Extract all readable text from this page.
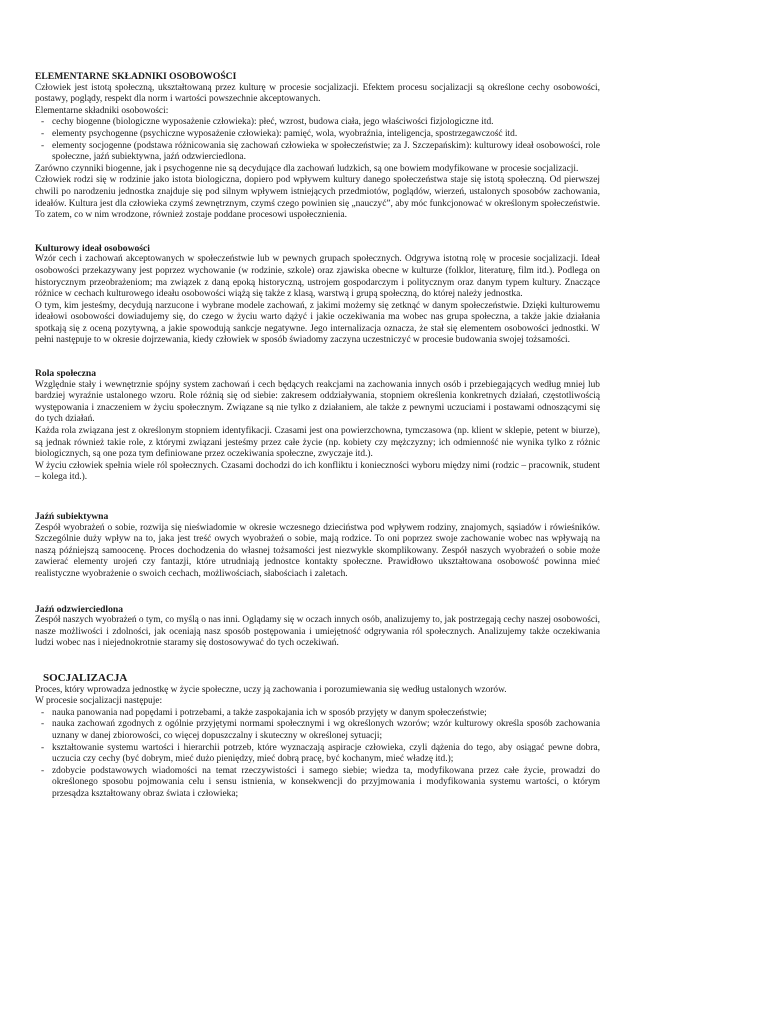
ELEMENTARNE SKŁADNIKI OSOBOWOŚCI

Człowiek jest istotą społeczną, ukształtowaną przez kulturę w procesie socjalizacji. Efektem procesu socjalizacji są określone cechy osobowości, postawy, poglądy, respekt dla norm i wartości powszechnie akceptowanych.

Elementarne składniki osobowości:

- cechy biogenne (biologiczne wyposażenie człowieka): płeć, wzrost, budowa ciała, jego właściwości fizjologiczne itd.
- elementy psychogenne (psychiczne wyposażenie człowieka): pamięć, wola, wyobraźnia, inteligencja, spostrzegawczość itd.
- elementy socjogenne (podstawa różnicowania się zachowań człowieka w społeczeństwie; za J. Szczepańskim): kulturowy ideał osobowości, role społeczne, jaźń subiektywna, jaźń odzwierciedlona.

Zarówno czynniki biogenne, jak i psychogenne nie są decydujące dla zachowań ludzkich, są one bowiem modyfikowane w procesie socjalizacji.

Człowiek rodzi się w rodzinie jako istota biologiczna, dopiero pod wpływem kultury danego społeczeństwa staje się istotą społeczną. Od pierwszej chwili po narodzeniu jednostka znajduje się pod silnym wpływem istniejących przedmiotów, poglądów, wierzeń, ustalonych sposobów zachowania, ideałów. Kultura jest dla człowieka czymś zewnętrznym, czymś czego powinien się „nauczyć”, aby móc funkcjonować w określonym społeczeństwie. To zatem, co w nim wrodzone, również zostaje poddane procesowi uspołecznienia.

Kulturowy ideał osobowości

Wzór cech i zachowań akceptowanych w społeczeństwie lub w pewnych grupach społecznych. Odgrywa istotną rolę w procesie socjalizacji. Ideał osobowości przekazywany jest poprzez wychowanie (w rodzinie, szkole) oraz zjawiska obecne w kulturze (folklor, literaturę, film itd.). Podlega on historycznym przeobrażeniom; ma związek z daną epoką historyczną, ustrojem gospodarczym i politycznym oraz danym typem kultury. Znaczące różnice w cechach kulturowego ideału osobowości wiążą się także z klasą, warstwą i grupą społeczną, do której należy jednostka.

O tym, kim jesteśmy, decydują narzucone i wybrane modele zachowań, z jakimi możemy się zetknąć w danym społeczeństwie. Dzięki kulturowemu ideałowi osobowości dowiadujemy się, do czego w życiu warto dążyć i jakie oczekiwania ma wobec nas grupa społeczna, a także jakie działania spotkają się z oceną pozytywną, a jakie spowodują sankcje negatywne. Jego internalizacja oznacza, że stał się elementem osobowości jednostki. W pełni następuje to w okresie dojrzewania, kiedy człowiek w sposób świadomy zaczyna uczestniczyć w procesie budowania swojej tożsamości.

Rola społeczna

Względnie stały i wewnętrznie spójny system zachowań i cech będących reakcjami na zachowania innych osób i przebiegających według mniej lub bardziej wyraźnie ustalonego wzoru. Role różnią się od siebie: zakresem oddziaływania, stopniem określenia konkretnych działań, częstotliwością występowania i znaczeniem w życiu społecznym. Związane są nie tylko z działaniem, ale także z pewnymi uczuciami i postawami odnoszącymi się do tych działań.

Każda rola związana jest z określonym stopniem identyfikacji. Czasami jest ona powierzchowna, tymczasowa (np. klient w sklepie, petent w biurze), są jednak również takie role, z którymi związani jesteśmy przez całe życie (np. kobiety czy mężczyzny; ich odmienność nie wynika tylko z różnic biologicznych, są one poza tym definiowane przez oczekiwania społeczne, zwyczaje itd.).

W życiu człowiek spełnia wiele ról społecznych. Czasami dochodzi do ich konfliktu i konieczności wyboru między nimi (rodzic – pracownik, student – kolega itd.).

Jaźń subiektywna

Zespół wyobrażeń o sobie, rozwija się nieświadomie w okresie wczesnego dzieciństwa pod wpływem rodziny, znajomych, sąsiadów i rówieśników. Szczególnie duży wpływ na to, jaka jest treść owych wyobrażeń o sobie, mają rodzice. To oni poprzez swoje zachowanie wobec nas wpływają na naszą późniejszą samoocenę. Proces dochodzenia do własnej tożsamości jest niezwykle skomplikowany. Zespół naszych wyobrażeń o sobie może zawierać elementy urojeń czy fantazji, które utrudniają jednostce kontakty społeczne. Prawidłowo ukształtowana osobowość powinna mieć realistyczne wyobrażenie o swoich cechach, możliwościach, słabościach i zaletach.

Jaźń odzwierciedlona

Zespół naszych wyobrażeń o tym, co myślą o nas inni. Oglądamy się w oczach innych osób, analizujemy to, jak postrzegają cechy naszej osobowości, nasze możliwości i zdolności, jak oceniają nasz sposób postępowania i umiejętność odgrywania ról społecznych. Analizujemy także oczekiwania ludzi wobec nas i niejednokrotnie staramy się dostosowywać do tych oczekiwań.

SOCJALIZACJA

Proces, który wprowadza jednostkę w życie społeczne, uczy ją zachowania i porozumiewania się według ustalonych wzorów.

W procesie socjalizacji następuje:

- nauka panowania nad popędami i potrzebami, a także zaspokajania ich w sposób przyjęty w danym społeczeństwie;
- nauka zachowań zgodnych z ogólnie przyjętymi normami społecznymi i wg określonych wzorów; wzór kulturowy określa sposób zachowania uznany w danej zbiorowości, co więcej dopuszczalny i skuteczny w określonej sytuacji;
- kształtowanie systemu wartości i hierarchii potrzeb, które wyznaczają aspiracje człowieka, czyli dążenia do tego, aby osiągać pewne dobra, uczucia czy cechy (być dobrym, mieć dużo pieniędzy, mieć dobrą pracę, być kochanym, mieć władzę itd.);
- zdobycie podstawowych wiadomości na temat rzeczywistości i samego siebie; wiedza ta, modyfikowana przez całe życie, prowadzi do określonego sposobu pojmowania celu i sensu istnienia, w konsekwencji do przyjmowania i modyfikowania systemu wartości, o którym przesądza kształtowany obraz świata i człowieka;
